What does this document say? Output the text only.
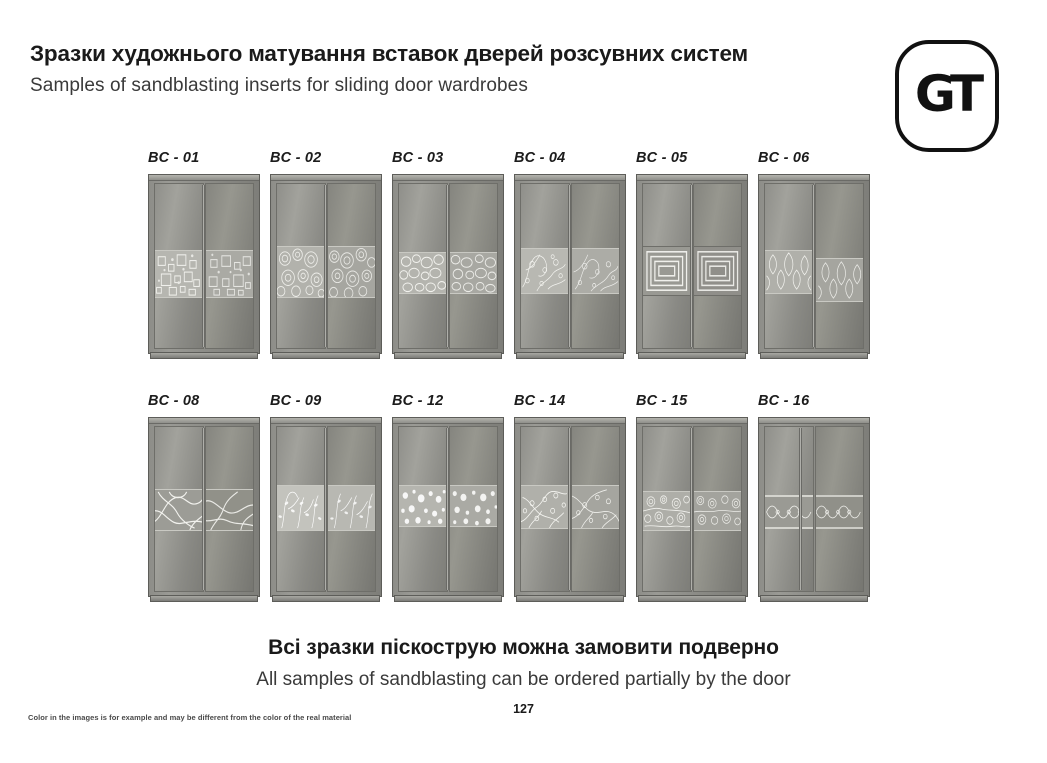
Зразки художнього матування вставок дверей розсувних систем
Samples of sandblasting inserts for sliding door wardrobes	GT
BC - 01	BC - 02	BC - 03	BC - 04	BC - 05	BC - 06
BC - 08	BC - 09	BC - 12	BC - 14	BC - 15	BC - 16
Всі зразки піскострую можна замовити подверно
All samples of sandblasting can be ordered partially by the door
127
Color in the images is for example and may be different from the color of the real material
